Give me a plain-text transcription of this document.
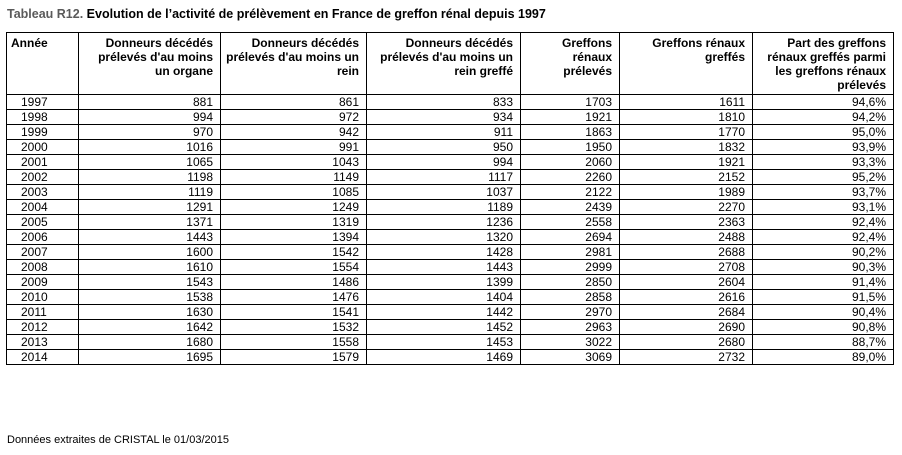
Tableau R12. Evolution de l’activité de prélèvement en France de greffon rénal depuis 1997
Année	Donneurs décédés prélevés d'au moins un organe	Donneurs décédés prélevés d'au moins un rein	Donneurs décédés prélevés d'au moins un rein greffé	Greffons rénaux prélevés	Greffons rénaux greffés	Part des greffons rénaux greffés parmi les greffons rénaux prélevés
1997	881	861	833	1703	1611	94,6%
1998	994	972	934	1921	1810	94,2%
1999	970	942	911	1863	1770	95,0%
2000	1016	991	950	1950	1832	93,9%
2001	1065	1043	994	2060	1921	93,3%
2002	1198	1149	1117	2260	2152	95,2%
2003	1119	1085	1037	2122	1989	93,7%
2004	1291	1249	1189	2439	2270	93,1%
2005	1371	1319	1236	2558	2363	92,4%
2006	1443	1394	1320	2694	2488	92,4%
2007	1600	1542	1428	2981	2688	90,2%
2008	1610	1554	1443	2999	2708	90,3%
2009	1543	1486	1399	2850	2604	91,4%
2010	1538	1476	1404	2858	2616	91,5%
2011	1630	1541	1442	2970	2684	90,4%
2012	1642	1532	1452	2963	2690	90,8%
2013	1680	1558	1453	3022	2680	88,7%
2014	1695	1579	1469	3069	2732	89,0%
Données extraites de CRISTAL le 01/03/2015
